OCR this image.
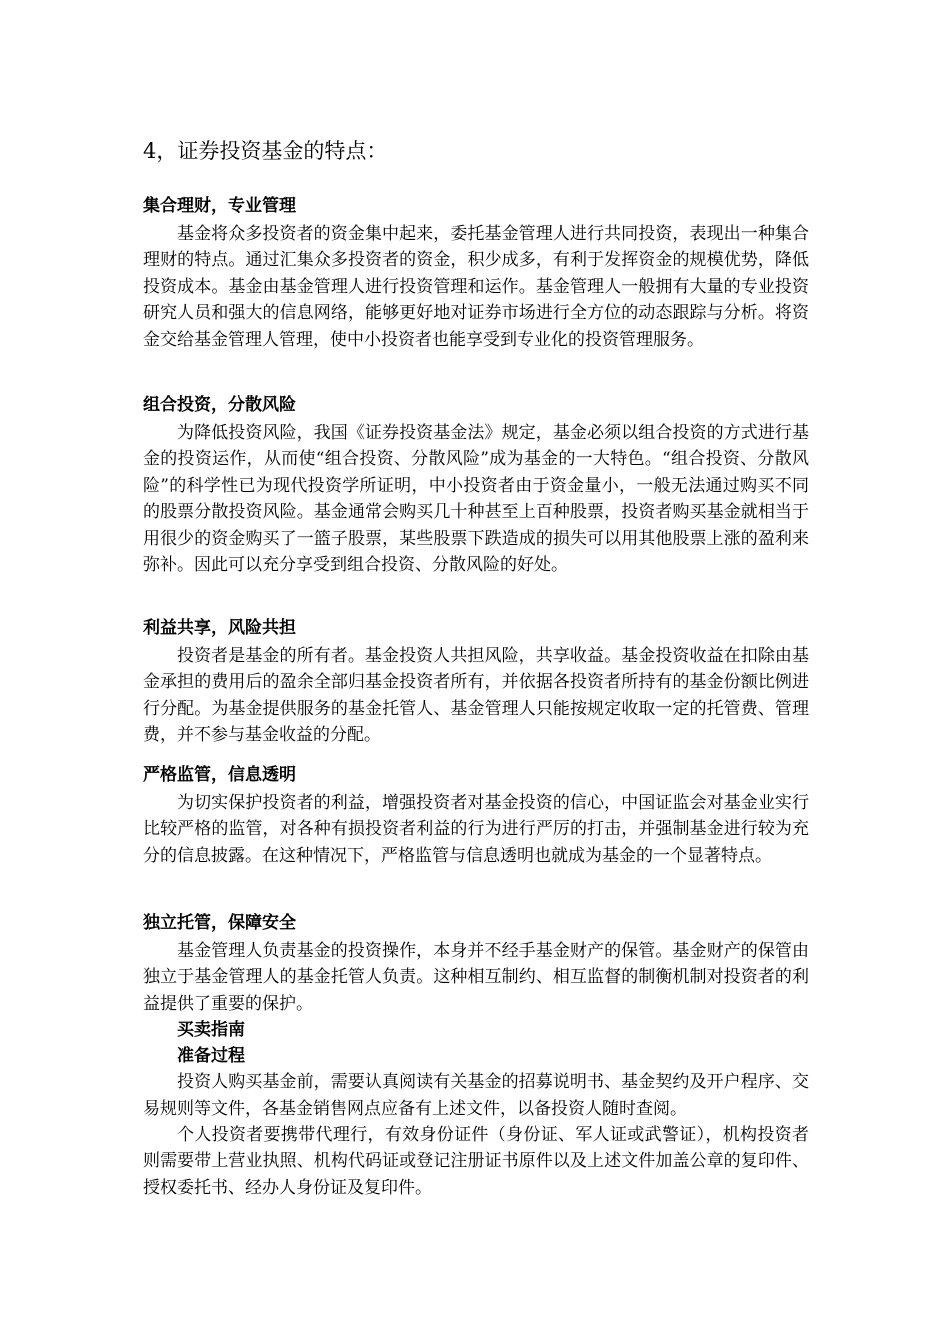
4，证券投资基金的特点：
集合理财，专业管理

基金将众多投资者的资金集中起来，委托基金管理人进行共同投资，表现出一种集合理财的特点。通过汇集众多投资者的资金，积少成多，有利于发挥资金的规模优势，降低投资成本。基金由基金管理人进行投资管理和运作。基金管理人一般拥有大量的专业投资研究人员和强大的信息网络，能够更好地对证券市场进行全方位的动态跟踪与分析。将资金交给基金管理人管理，使中小投资者也能享受到专业化的投资管理服务。

组合投资，分散风险

为降低投资风险，我国《证券投资基金法》规定，基金必须以组合投资的方式进行基金的投资运作，从而使“组合投资、分散风险”成为基金的一大特色。“组合投资、分散风险”的科学性已为现代投资学所证明，中小投资者由于资金量小，一般无法通过购买不同的股票分散投资风险。基金通常会购买几十种甚至上百种股票，投资者购买基金就相当于用很少的资金购买了一篮子股票，某些股票下跌造成的损失可以用其他股票上涨的盈利来弥补。因此可以充分享受到组合投资、分散风险的好处。

利益共享，风险共担

投资者是基金的所有者。基金投资人共担风险，共享收益。基金投资收益在扣除由基金承担的费用后的盈余全部归基金投资者所有，并依据各投资者所持有的基金份额比例进行分配。为基金提供服务的基金托管人、基金管理人只能按规定收取一定的托管费、管理费，并不参与基金收益的分配。

严格监管，信息透明

为切实保护投资者的利益，增强投资者对基金投资的信心，中国证监会对基金业实行比较严格的监管，对各种有损投资者利益的行为进行严厉的打击，并强制基金进行较为充分的信息披露。在这种情况下，严格监管与信息透明也就成为基金的一个显著特点。

独立托管，保障安全

基金管理人负责基金的投资操作，本身并不经手基金财产的保管。基金财产的保管由独立于基金管理人的基金托管人负责。这种相互制约、相互监督的制衡机制对投资者的利益提供了重要的保护。

买卖指南
准备过程

投资人购买基金前，需要认真阅读有关基金的招募说明书、基金契约及开户程序、交易规则等文件，各基金销售网点应备有上述文件，以备投资人随时查阅。

个人投资者要携带代理行，有效身份证件（身份证、军人证或武警证），机构投资者则需要带上营业执照、机构代码证或登记注册证书原件以及上述文件加盖公章的复印件、授权委托书、经办人身份证及复印件。
